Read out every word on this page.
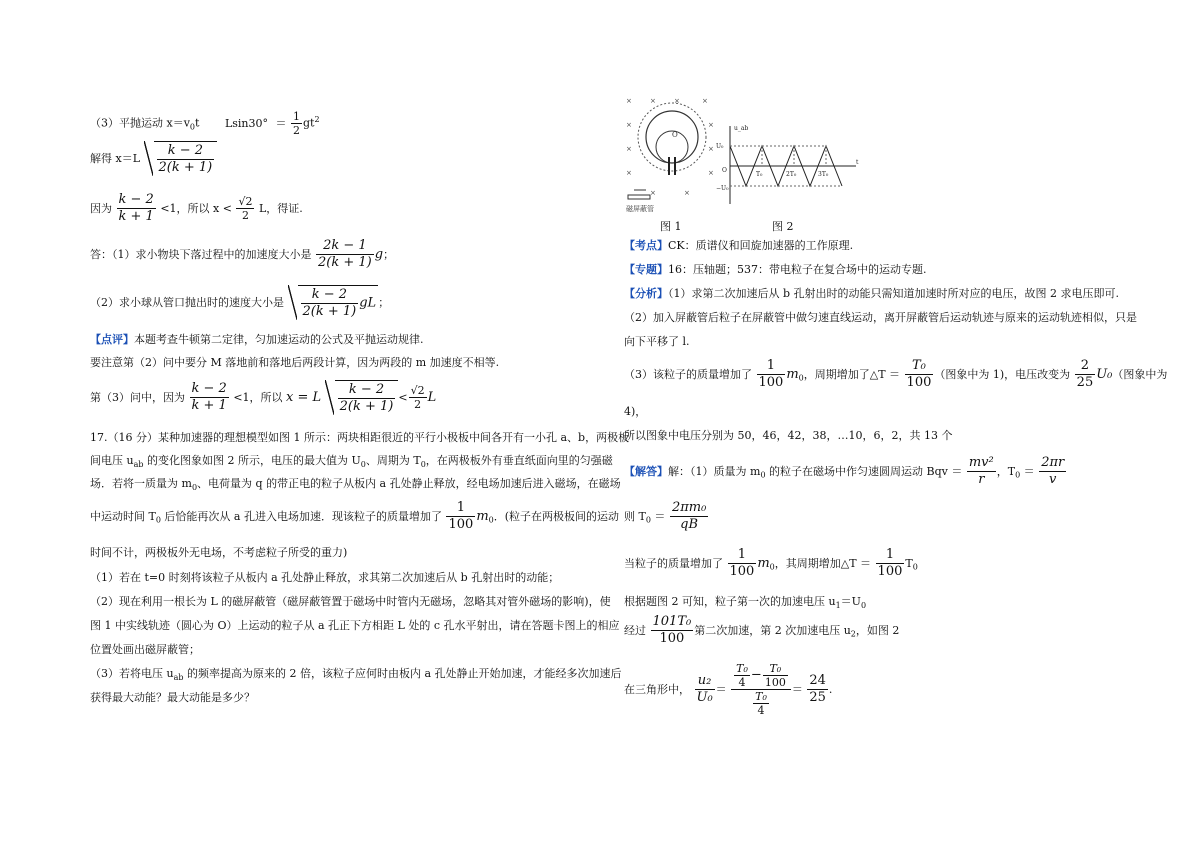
（3）平抛运动 $x=v_0t$ $Lsin30^\circ = \frac{1}{2} gt^2$
解得 $x=L \frac{k - 2}{2(k + 1)}$
因为 $\frac{k - 2}{k + 1} <1$，所以 $x < \frac{√2}{2}$ L，得证.
答：（1）求小物块下落过程中的加速度大小是 $\frac{2k - 1}{2(k + 1)}$ g；
（2）求小球从管口抛出时的速度大小是 $\frac{k - 2}{2(k + 1)}$ gL ；
【点评】本题考查牛顿第二定律，匀加速运动的公式及平抛运动规律.
要注意第（2）问中要分 M 落地前和落地后两段计算，因为两段的 m 加速度不相等.
第（3）问中，因为 $\frac{k - 2}{k + 1} <1$，所以 x = L $\frac{k - 2}{2(k + 1)} < \frac{√2}{2}$ L
17.（16 分）某种加速器的理想模型如图 1 所示：两块相距很近的平行小极板中间各开有一小孔 a、b，两极板
间电压 $u_{ab}$ 的变化图象如图 2 所示，电压的最大值为 $U_0$、周期为 $T_0$，在两极板外有垂直纸面向里的匀强磁
场．若将一质量为 $m_0$、电荷量为 q 的带正电的粒子从板内 a 孔处静止释放，经电场加速后进入磁场，在磁场
中运动时间 $T_0$ 后恰能再次从 a 孔进入电场加速．现该粒子的质量增加了 $\frac{1}{100} m_0$．(粒子在两极板间的运动
时间不计，两极板外无电场，不考虑粒子所受的重力)
（1）若在 t=0 时刻将该粒子从板内 a 孔处静止释放，求其第二次加速后从 b 孔射出时的动能；
（2）现在利用一根长为 L 的磁屏蔽管（磁屏蔽管置于磁场中时管内无磁场，忽略其对管外磁场的影响)，使
图 1 中实线轨迹（圆心为 O）上运动的粒子从 a 孔正下方相距 L 处的 c 孔水平射出，请在答题卡图上的相应
位置处画出磁屏蔽管；
（3）若将电压 $u_{ab}$ 的频率提高为原来的 2 倍，该粒子应何时由板内 a 孔处静止开始加速，才能经多次加速后
获得最大动能？最大动能是多少？
×	×	×	×
×	×
×	×
×	×
×	×
O
磁屏蔽管
图 1
u_ab
U₀
O
−U₀
t
T₀	2T₀	3T₀
图 2
【考点】CK：质谱仪和回旋加速器的工作原理.
【专题】16：压轴题；537：带电粒子在复合场中的运动专题.
【分析】（1）求第二次加速后从 b 孔射出时的动能只需知道加速时所对应的电压，故图 2 求电压即可.
（2）加入屏蔽管后粒子在屏蔽管中做匀速直线运动，离开屏蔽管后运动轨迹与原来的运动轨迹相似，只是
向下平移了 l.
（3）该粒子的质量增加了 $\frac{1}{100} m_0$，周期增加了△T ＝ $\frac{\text{T₀}}{100}$ （图象中为 1)，电压改变为 $\frac{2}{25} U_0$（图象中为
4)，
所以图象中电压分别为 50，46，42，38，…10，6，2，共 13 个
【解答】解：（1）质量为 $m_0$ 的粒子在磁场中作匀速圆周运动 Bqv ＝ $\frac{\text{mv²}}{r}$ ，$T_0 = \frac{2\pi r}{v}$
则 $T_0 = \frac{\text{2πm₀}}{qB}$
当粒子的质量增加了 $\frac{1}{100} m_0$，其周期增加△T ＝ $\frac{1}{100} T_0$
根据题图 2 可知，粒子第一次的加速电压 $u_1=U_0$
经过 $\frac{\text{101T₀}}{100}$ 第二次加速，第 2 次加速电压 $u_2$，如图 2
在三角形中， $\frac{\text{u₂}}{\text{U₀}} = \frac{\frac{\text{T₀}}{4} - \frac{\text{T₀}}{100}}{\frac{\text{T₀}}{4}} = \frac{24}{25}$ .
